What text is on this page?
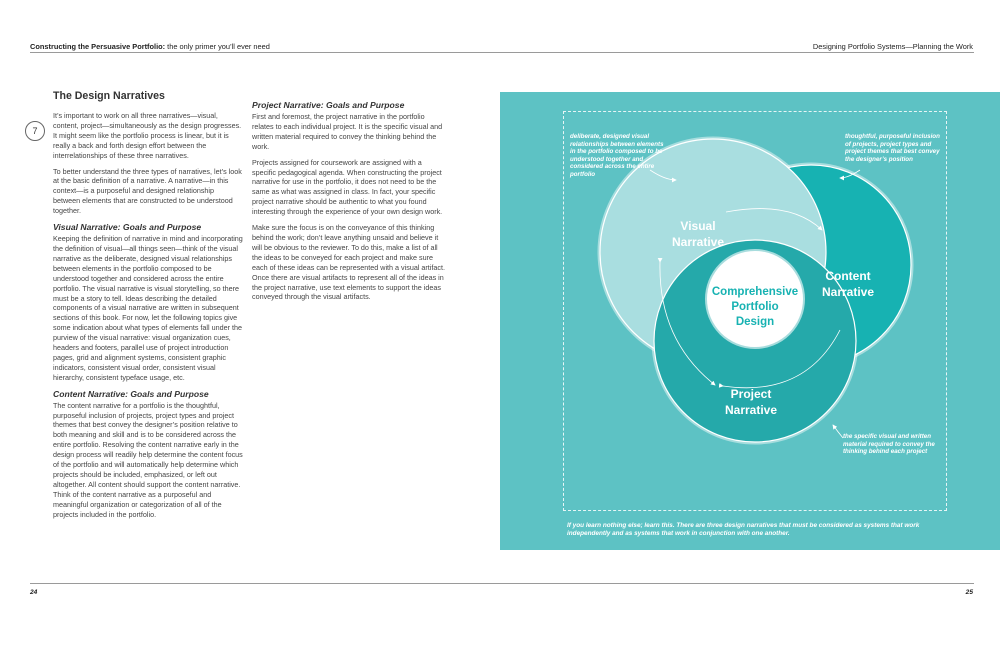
Constructing the Persuasive Portfolio: the only primer you’ll ever need	Designing Portfolio Systems—Planning the Work
7
The Design Narratives

It’s important to work on all three narratives—visual, content, project—simultaneously as the design progresses. It might seem like the portfolio process is linear, but it is really a back and forth design effort between the interrelationships of these three narratives.

To better understand the three types of narratives, let’s look at the basic definition of a narrative. A narrative—in this context—is a purposeful and designed relationship between elements that are constructed to be understood together.

Visual Narrative: Goals and Purpose

Keeping the definition of narrative in mind and incorporating the definition of visual—all things seen—think of the visual narrative as the deliberate, designed visual relationships between elements in the portfolio composed to be understood together and considered across the entire portfolio. The visual narrative is visual storytelling, so there must be a story to tell. Ideas describing the detailed components of a visual narrative are written in subsequent sections of this book. For now, let the following topics give some indication about what types of elements fall under the purview of the visual narrative: visual organization cues, headers and footers, parallel use of project introduction pages, grid and alignment systems, consistent graphic indicators, consistent visual order, consistent visual hierarchy, consistent typeface usage, etc.

Content Narrative: Goals and Purpose

The content narrative for a portfolio is the thoughtful, purposeful inclusion of projects, project types and project themes that best convey the designer’s position relative to both meaning and skill and is to be considered across the entire portfolio. Resolving the content narrative early in the design process will readily help determine the content focus of the portfolio and will automatically help determine which projects should be included, emphasized, or left out altogether. All content should support the content narrative. Think of the content narrative as a purposeful and meaningful organization or categorization of all of the projects included in the portfolio.

Project Narrative: Goals and Purpose

First and foremost, the project narrative in the portfolio relates to each individual project. It is the specific visual and written material required to convey the thinking behind the work.

Projects assigned for coursework are assigned with a specific pedagogical agenda. When constructing the project narrative for use in the portfolio, it does not need to be the same as what was assigned in class. In fact, your specific project narrative should be authentic to what you found interesting through the experience of your own design work.

Make sure the focus is on the conveyance of this thinking behind the work; don’t leave anything unsaid and believe it will be obvious to the reviewer. To do this, make a list of all the ideas to be conveyed for each project and make sure each of these ideas can be represented with a visual artifact. Once there are visual artifacts to represent all of the ideas in the project narrative, use text elements to support the ideas conveyed through the visual artifacts.

Visual
Narrative
Content
Narrative
Project
Narrative
Comprehensive
Portfolio
Design
deliberate, designed visual relationships between elements in the portfolio composed to be understood together and considered across the entire portfolio
thoughtful, purposeful inclusion of projects, project types and project themes that best convey the designer’s position
the specific visual and written material required to convey the thinking behind each project
If you learn nothing else; learn this. There are three design narratives that must be considered as systems that work independently and as systems that work in conjunction with one another.
24	25
